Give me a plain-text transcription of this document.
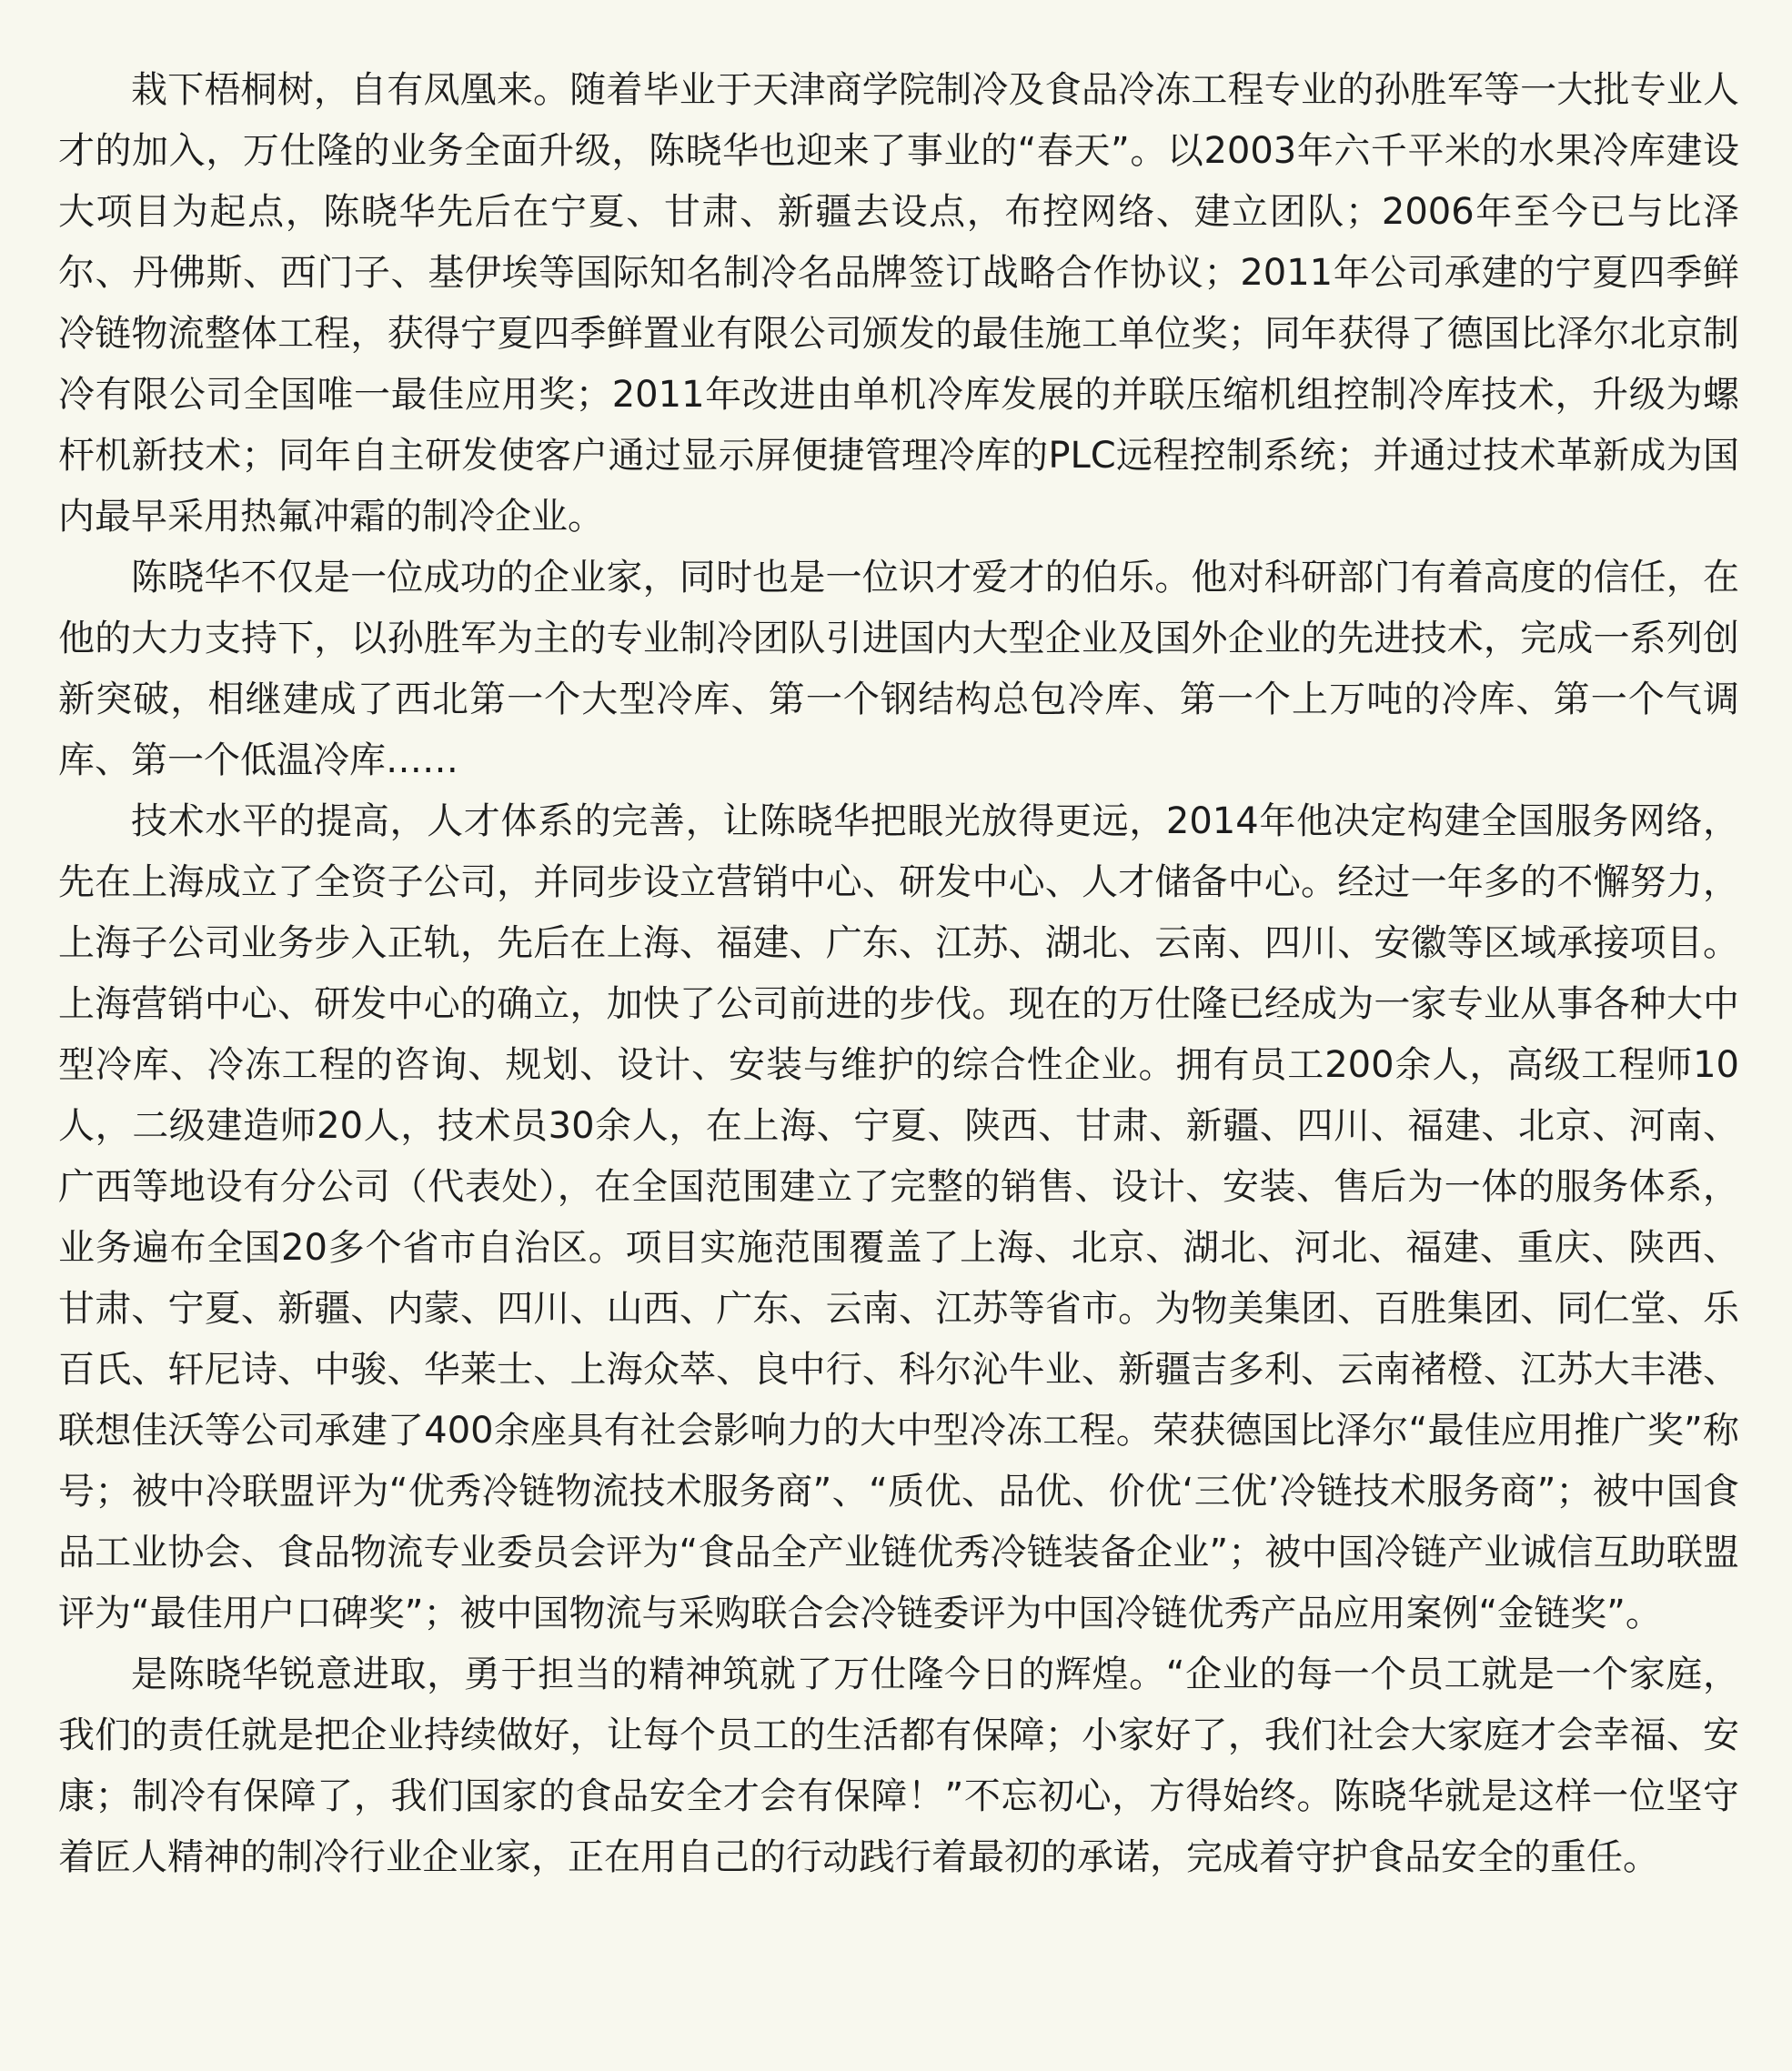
栽下梧桐树，自有凤凰来。随着毕业于天津商学院制冷及食品冷冻工程专业的孙胜军等一大批专业人才的加入，万仕隆的业务全面升级，陈晓华也迎来了事业的“春天”。以2003年六千平米的水果冷库建设大项目为起点，陈晓华先后在宁夏、甘肃、新疆去设点，布控网络、建立团队；2006年至今已与比泽尔、丹佛斯、西门子、基伊埃等国际知名制冷名品牌签订战略合作协议；2011年公司承建的宁夏四季鲜冷链物流整体工程，获得宁夏四季鲜置业有限公司颁发的最佳施工单位奖；同年获得了德国比泽尔北京制冷有限公司全国唯一最佳应用奖；2011年改进由单机冷库发展的并联压缩机组控制冷库技术，升级为螺杆机新技术；同年自主研发使客户通过显示屏便捷管理冷库的PLC远程控制系统；并通过技术革新成为国内最早采用热氟冲霜的制冷企业。

陈晓华不仅是一位成功的企业家，同时也是一位识才爱才的伯乐。他对科研部门有着高度的信任，在他的大力支持下，以孙胜军为主的专业制冷团队引进国内大型企业及国外企业的先进技术，完成一系列创新突破，相继建成了西北第一个大型冷库、第一个钢结构总包冷库、第一个上万吨的冷库、第一个气调库、第一个低温冷库……

技术水平的提高，人才体系的完善，让陈晓华把眼光放得更远，2014年他决定构建全国服务网络，先在上海成立了全资子公司，并同步设立营销中心、研发中心、人才储备中心。经过一年多的不懈努力，上海子公司业务步入正轨，先后在上海、福建、广东、江苏、湖北、云南、四川、安徽等区域承接项目。上海营销中心、研发中心的确立，加快了公司前进的步伐。现在的万仕隆已经成为一家专业从事各种大中型冷库、冷冻工程的咨询、规划、设计、安装与维护的综合性企业。拥有员工200余人，高级工程师10人，二级建造师20人，技术员30余人，在上海、宁夏、陕西、甘肃、新疆、四川、福建、北京、河南、广西等地设有分公司（代表处），在全国范围建立了完整的销售、设计、安装、售后为一体的服务体系，业务遍布全国20多个省市自治区。项目实施范围覆盖了上海、北京、湖北、河北、福建、重庆、陕西、甘肃、宁夏、新疆、内蒙、四川、山西、广东、云南、江苏等省市。为物美集团、百胜集团、同仁堂、乐百氏、轩尼诗、中骏、华莱士、上海众萃、良中行、科尔沁牛业、新疆吉多利、云南褚橙、江苏大丰港、联想佳沃等公司承建了400余座具有社会影响力的大中型冷冻工程。荣获德国比泽尔“最佳应用推广奖”称号；被中冷联盟评为“优秀冷链物流技术服务商”、“质优、品优、价优‘三优’冷链技术服务商”；被中国食品工业协会、食品物流专业委员会评为“食品全产业链优秀冷链装备企业”；被中国冷链产业诚信互助联盟评为“最佳用户口碑奖”；被中国物流与采购联合会冷链委评为中国冷链优秀产品应用案例“金链奖”。

是陈晓华锐意进取，勇于担当的精神筑就了万仕隆今日的辉煌。“企业的每一个员工就是一个家庭，我们的责任就是把企业持续做好，让每个员工的生活都有保障；小家好了，我们社会大家庭才会幸福、安康；制冷有保障了，我们国家的食品安全才会有保障！”不忘初心，方得始终。陈晓华就是这样一位坚守着匠人精神的制冷行业企业家，正在用自己的行动践行着最初的承诺，完成着守护食品安全的重任。
